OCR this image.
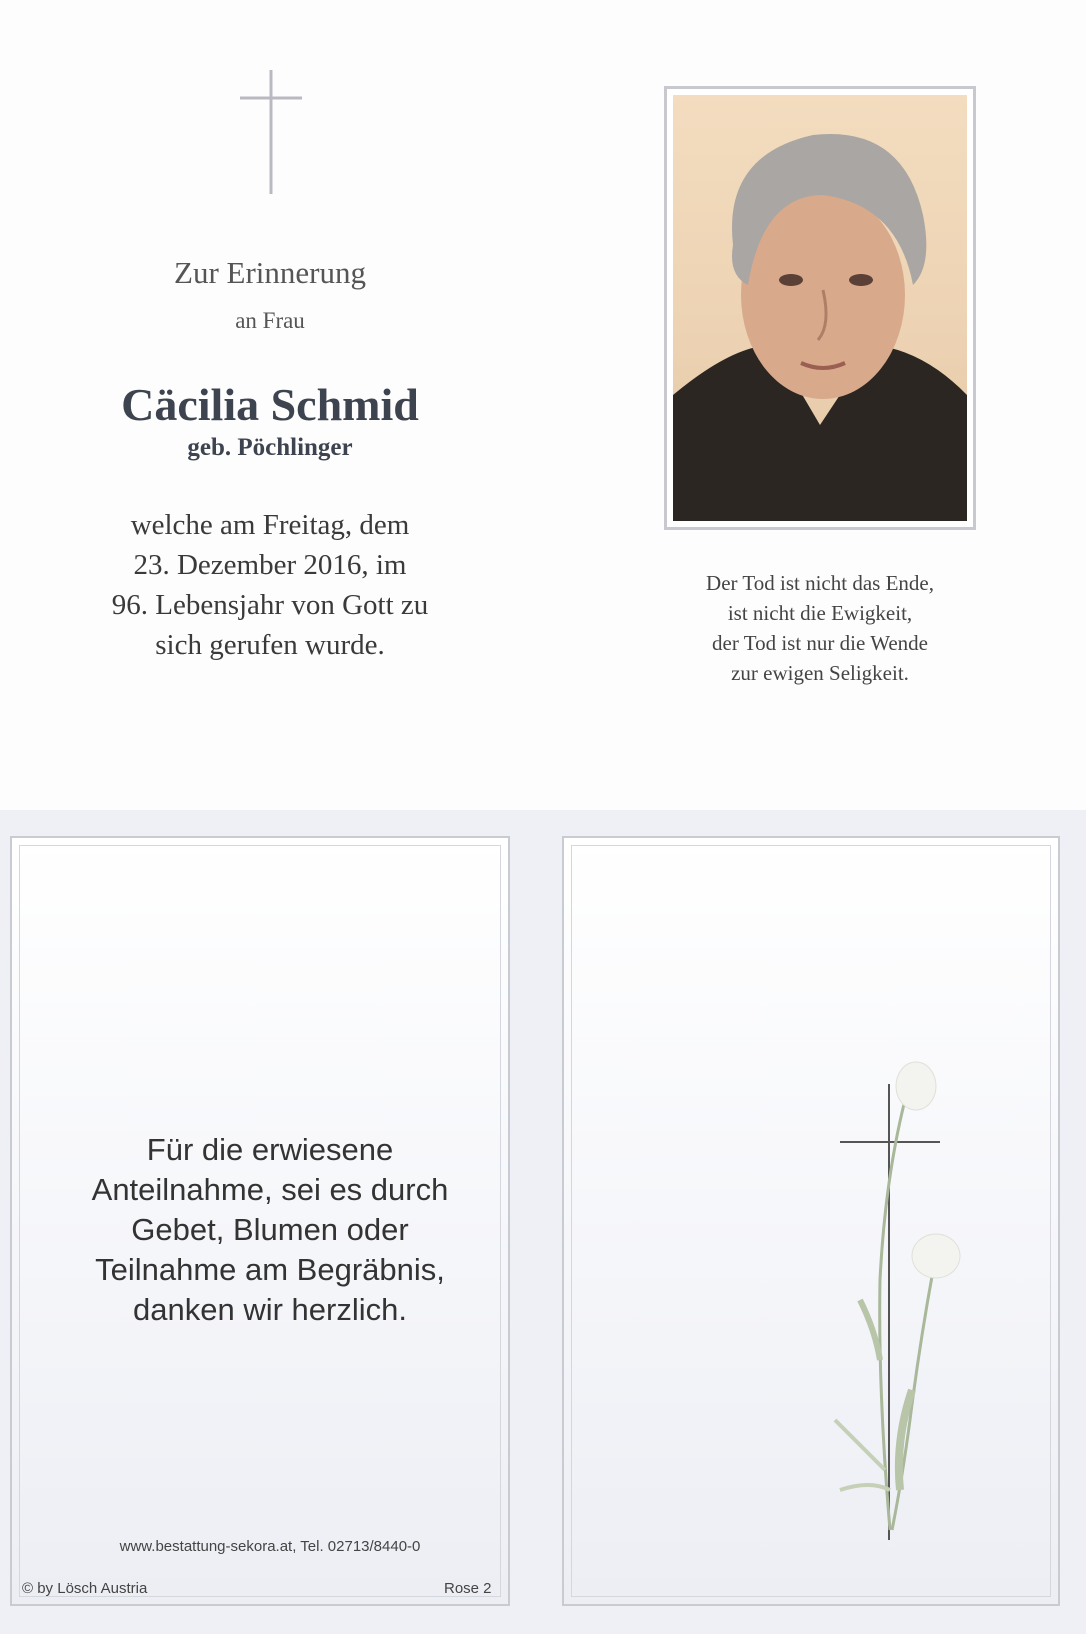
Zur Erinnerung
an Frau
Cäcilia Schmid
geb. Pöchlinger
welche am Freitag, dem
23. Dezember 2016, im
96. Lebensjahr von Gott zu
sich gerufen wurde.
Der Tod ist nicht das Ende,
ist nicht die Ewigkeit,
der Tod ist nur die Wende
zur ewigen Seligkeit.
Für die erwiesene
Anteilnahme, sei es durch
Gebet, Blumen oder
Teilnahme am Begräbnis,
danken wir herzlich.
www.bestattung-sekora.at, Tel. 02713/8440-0
© by Lösch Austria	Rose 2
